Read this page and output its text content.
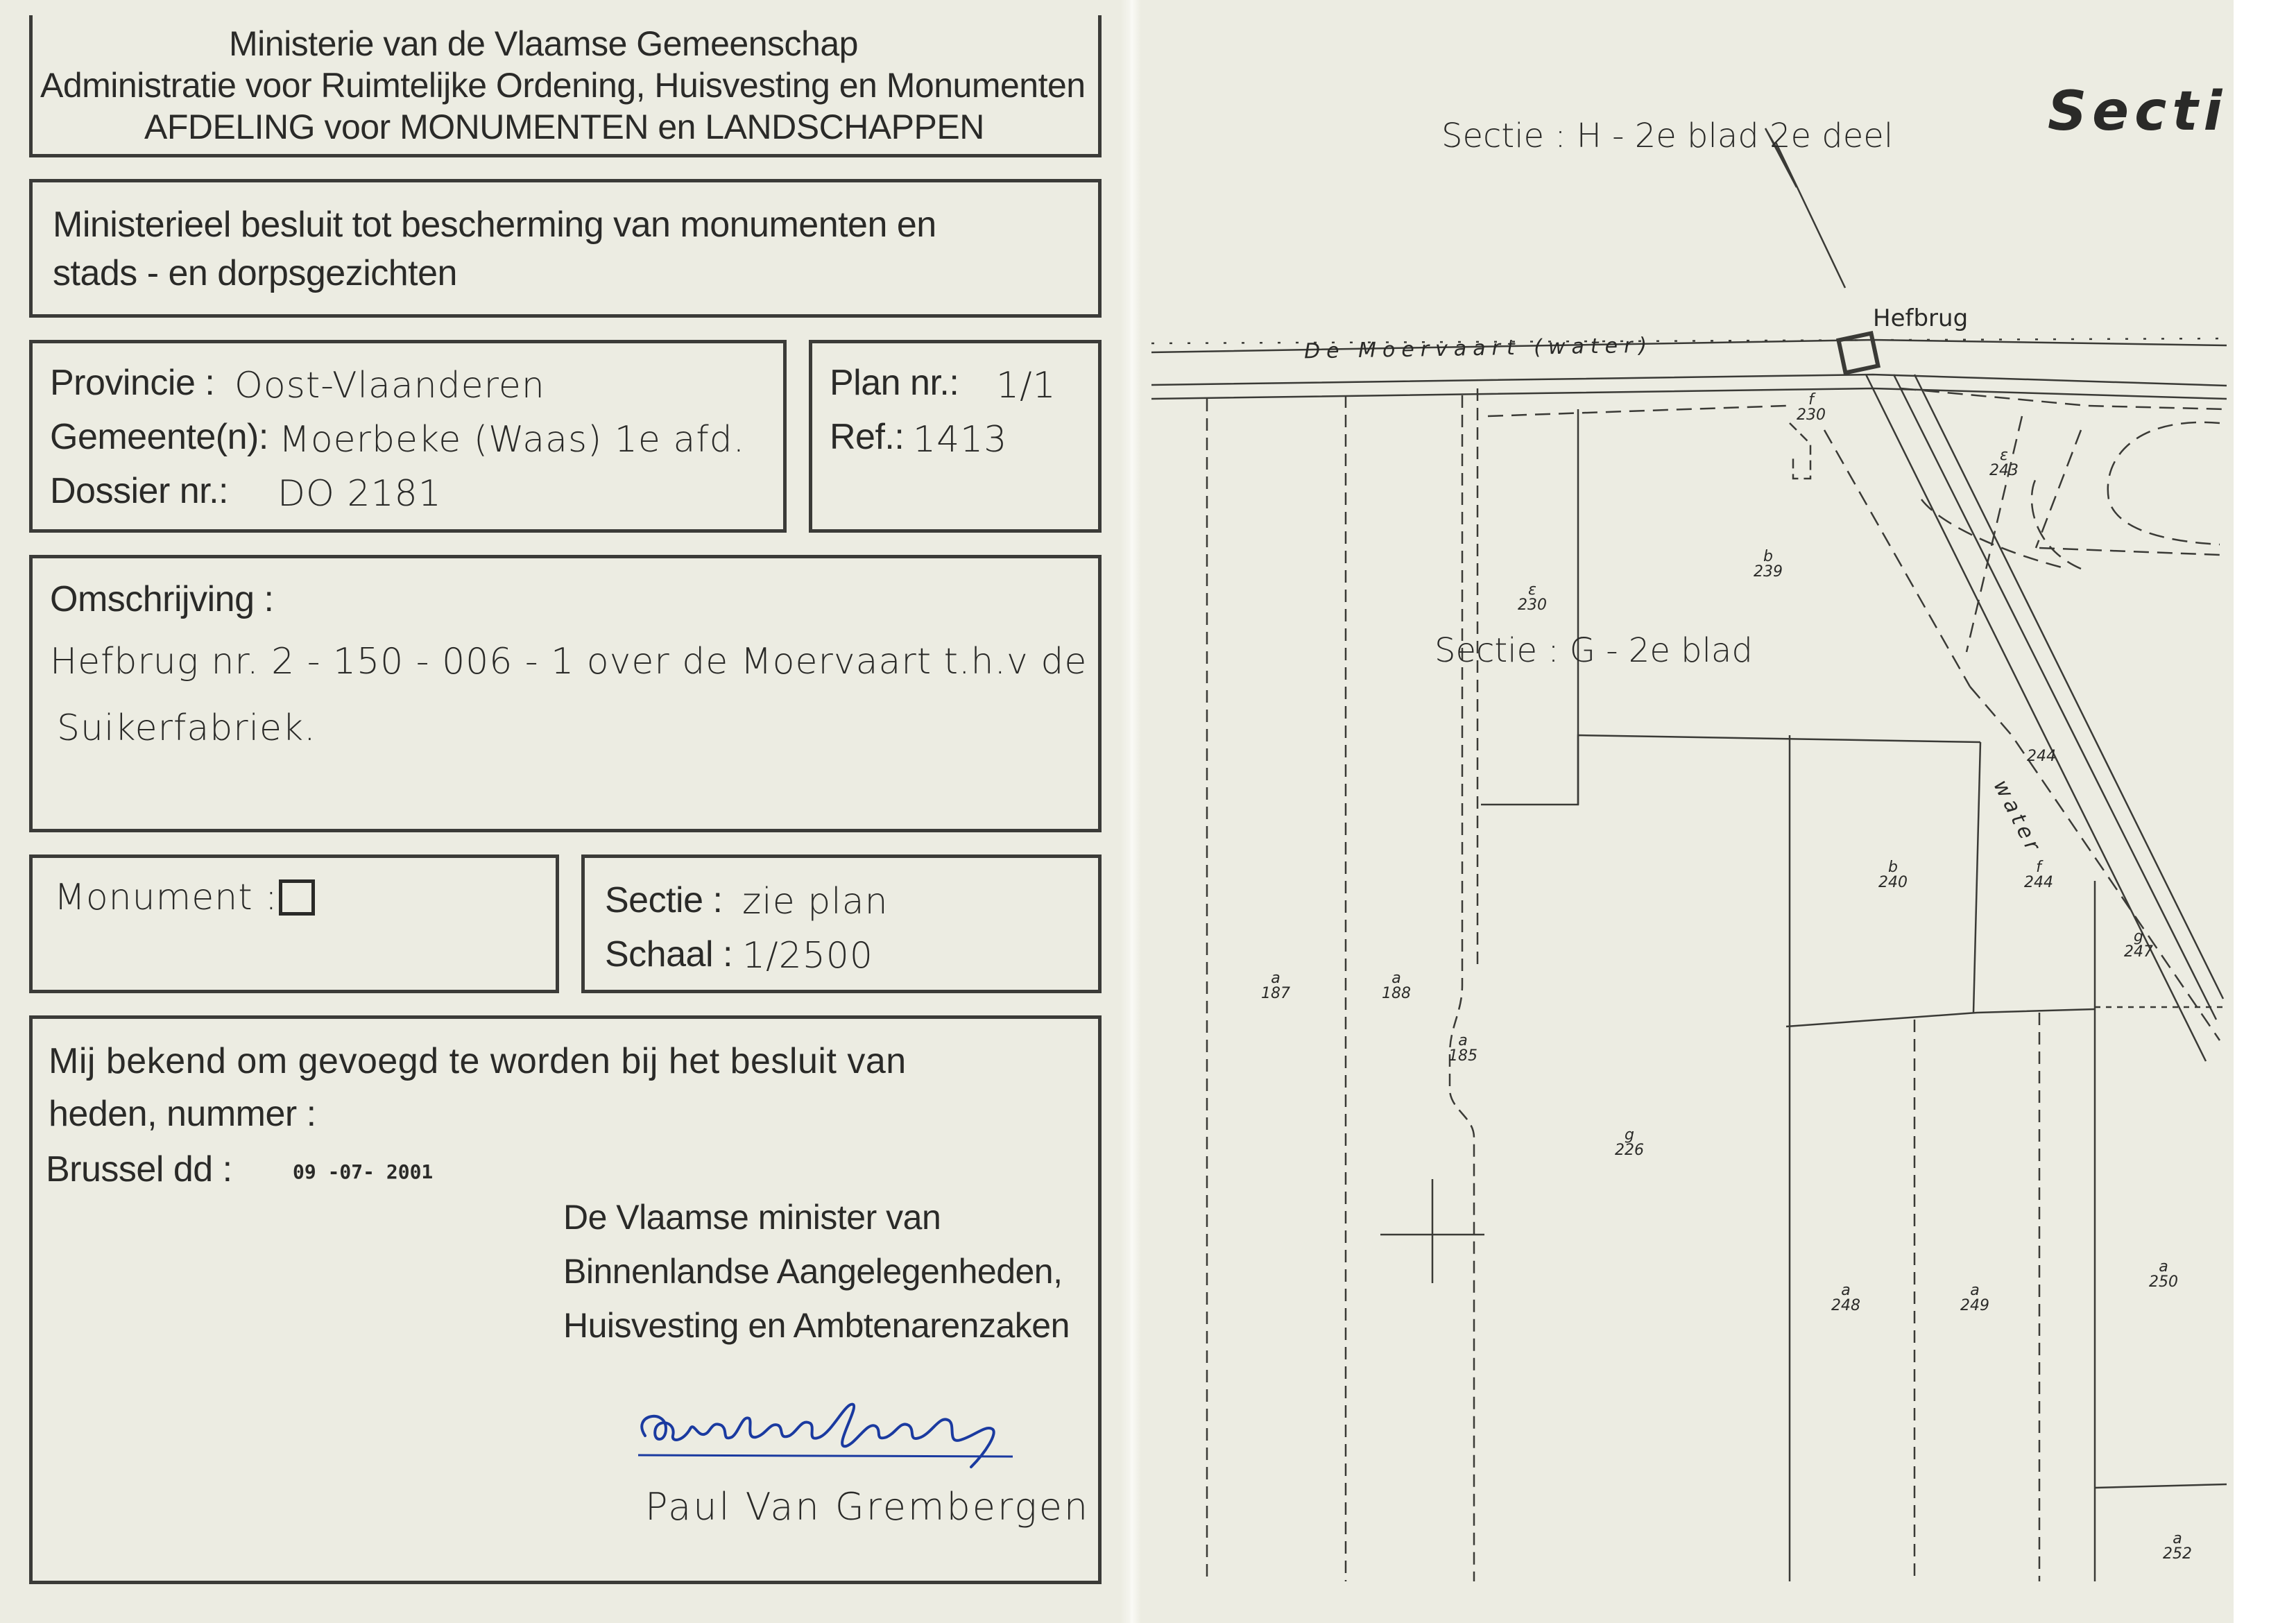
Ministerie van de Vlaamse Gemeenschap
Administratie voor Ruimtelijke Ordening, Huisvesting en Monumenten
AFDELING voor MONUMENTEN en LANDSCHAPPEN
Ministerieel besluit tot bescherming van monumenten en
stads - en dorpsgezichten
Provincie : Oost-Vlaanderen
Gemeente(n): Moerbeke (Waas) 1e afd.
Dossier nr.: DO 2181
Plan nr.: 1/1
Ref.: 1413
Omschrijving :
Hefbrug nr. 2 - 150 - 006 - 1 over de Moervaart t.h.v de
Suikerfabriek.
Monument :	Sectie : zie plan
Schaal : 1/2500
Mij bekend om gevoegd te worden bij het besluit van
heden, nummer :
Brussel dd :	09 -07- 2001
De Vlaamse minister van
Binnenlandse Aangelegenheden,
Huisvesting en Ambtenarenzaken
Paul Van Grembergen
Sectie : H - 2e blad 2e deel
Sectie : G - 2e blad
Secti
Hefbrug
De Moervaart (water)
water
f
230
ε
243
b
239
ε
230
b
240
f
244
244
g
247
a
187
a
188
a
185
g
226
a
248
a
249
a
250
a
252
